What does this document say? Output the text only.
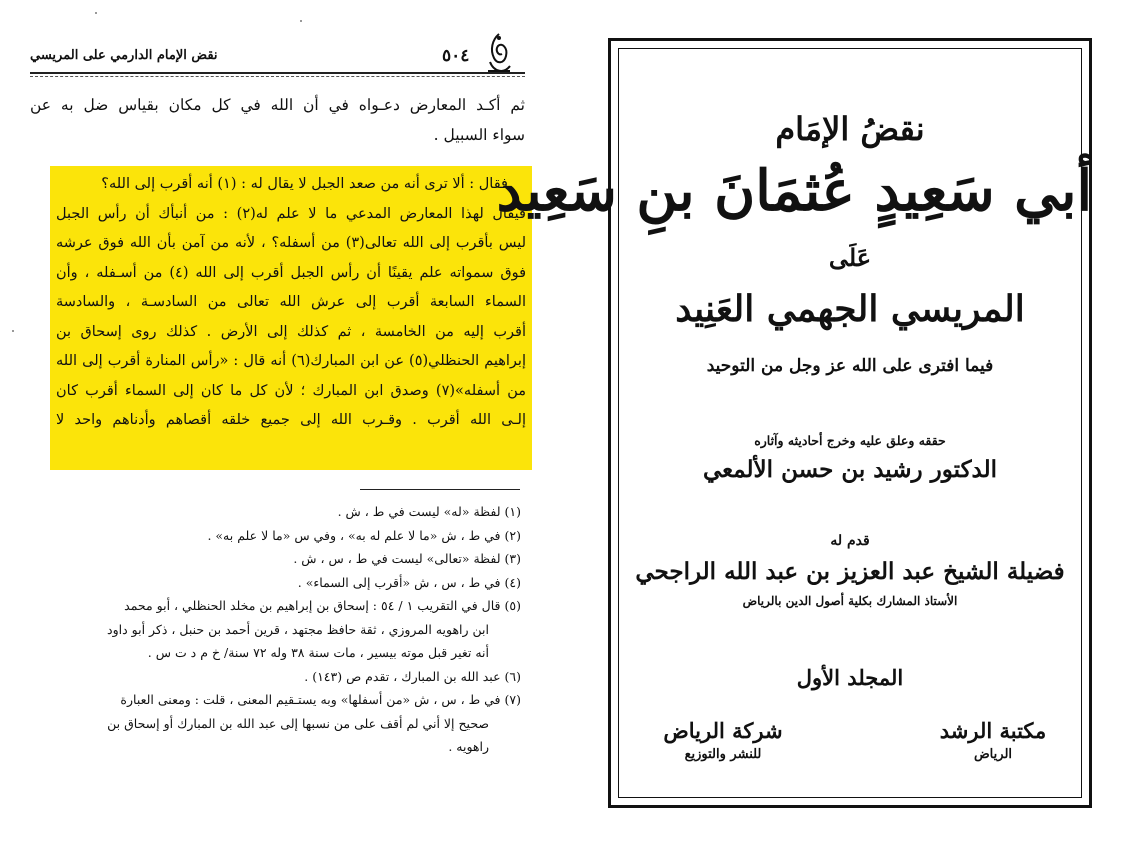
نقض الإمام الدارمي على المريسي	٥٠٤
ثم أكـد المعارض دعـواه في أن الله في كل مكان بقياس ضل به عن
سواء السبيل .
فقال : ألا ترى أنه من صعد الجبل لا يقال له : (١) أنه أقرب إلى الله؟
فيقال لهذا المعارض المدعي ما لا علم له(٢) : من أنبأك أن رأس الجبل
ليس بأقرب إلى الله تعالى(٣) من أسفله؟ ، لأنه من آمن بأن الله فوق عرشه
فوق سمواته علم يقينًا أن رأس الجبل أقرب إلى الله (٤) من أسـفله ، وأن
السماء السابعة أقرب إلى عرش الله تعالى من السادسـة ، والسادسة
أقرب إليه من الخامسة ، ثم كذلك إلى الأرض . كذلك روى إسحاق بن
إبراهيم الحنظلي(٥) عن ابن المبارك(٦) أنه قال : «رأس المنارة أقرب إلى الله
من أسفله»(٧) وصدق ابن المبارك ؛ لأن كل ما كان إلى السماء أقرب كان
إلـى الله أقرب . وقـرب الله إلى جميع خلقه أقصاهم وأدناهم واحد لا
(١) لفظة «له» ليست في ط ، ش .
(٢) في ط ، ش «ما لا علم له به» ، وفي س «ما لا علم به» .
(٣) لفظة «تعالى» ليست في ط ، س ، ش .
(٤) في ط ، س ، ش «أقرب إلى السماء» .
(٥) قال في التقريب ١ / ٥٤ : إسحاق بن إبراهيم بن مخلد الحنظلي ، أبو محمد
ابن راهويه المروزي ، ثقة حافظ مجتهد ، قرين أحمد بن حنبل ، ذكر أبو داود
أنه تغير قبل موته بيسير ، مات سنة ٣٨ وله ٧٢ سنة/ خ م د ت س .
(٦) عبد الله بن المبارك ، تقدم ص (١٤٣) .
(٧) في ط ، س ، ش «من أسفلها» وبه يستـقيم المعنى ، قلت : ومعنى العبارة
صحيح إلا أني لم أقف على من نسبها إلى عبد الله بن المبارك أو إسحاق بن
راهويه .
نقضُ الإمَام
أبي سَعِيدٍ عُثمَانَ بنِ سَعِيد
عَلَى
المريسي الجهمي العَنِيد
فيما افترى على الله عز وجل من التوحيد
حققه وعلق عليه وخرج أحاديثه وآثاره
الدكتور رشيد بن حسن الألمعي
قدم له
فضيلة الشيخ عبد العزيز بن عبد الله الراجحي
الأستاذ المشارك بكلية أصول الدين بالرياض
المجلد الأول
مكتبة الرشد
الرياض
شركة الرياض
للنشر والتوزيع
